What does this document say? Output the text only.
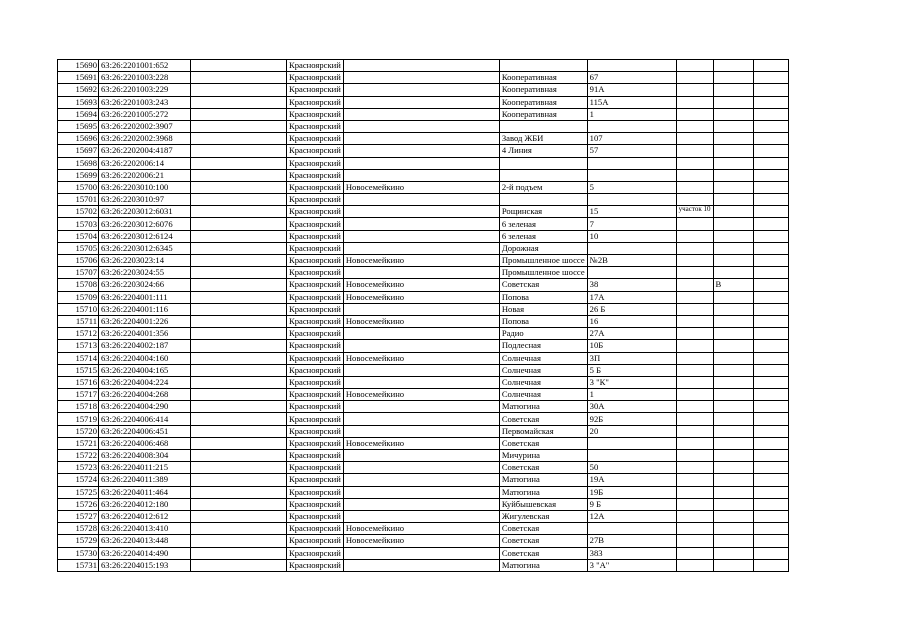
15690	63:26:2201001:652		Красноярский						
15691	63:26:2201003:228		Красноярский		Кооперативная	67			
15692	63:26:2201003:229		Красноярский		Кооперативная	91А			
15693	63:26:2201003:243		Красноярский		Кооперативная	115А			
15694	63:26:2201005:272		Красноярский		Кооперативная	1			
15695	63:26:2202002:3907		Красноярский						
15696	63:26:2202002:3968		Красноярский		Завод ЖБИ	107			
15697	63:26:2202004:4187		Красноярский		4 Линия	57			
15698	63:26:2202006:14		Красноярский						
15699	63:26:2202006:21		Красноярский						
15700	63:26:2203010:100		Красноярский	Новосемейкино	2-й подъем	5			
15701	63:26:2203010:97		Красноярский						
15702	63:26:2203012:6031		Красноярский		Рощинская	15	участок 10		
15703	63:26:2203012:6076		Красноярский		6 зеленая	7			
15704	63:26:2203012:6124		Красноярский		6 зеленая	10			
15705	63:26:2203012:6345		Красноярский		Дорожная				
15706	63:26:2203023:14		Красноярский	Новосемейкино	Промышленное шоссе	№2В			
15707	63:26:2203024:55		Красноярский		Промышленное шоссе				
15708	63:26:2203024:66		Красноярский	Новосемейкино	Советская	38		В	
15709	63:26:2204001:111		Красноярский	Новосемейкино	Попова	17А			
15710	63:26:2204001:116		Красноярский		Новая	26 Б			
15711	63:26:2204001:226		Красноярский	Новосемейкино	Попова	16			
15712	63:26:2204001:356		Красноярский		Радио	27А			
15713	63:26:2204002:187		Красноярский		Подлесная	10Б			
15714	63:26:2204004:160		Красноярский	Новосемейкино	Солнечная	3П			
15715	63:26:2204004:165		Красноярский		Солнечная	5 Б			
15716	63:26:2204004:224		Красноярский		Солнечная	3 "К"			
15717	63:26:2204004:268		Красноярский	Новосемейкино	Солнечная	1			
15718	63:26:2204004:290		Красноярский		Матюгина	30А			
15719	63:26:2204006:414		Красноярский		Советская	92Б			
15720	63:26:2204006:451		Красноярский		Первомайская	20			
15721	63:26:2204006:468		Красноярский	Новосемейкино	Советская				
15722	63:26:2204008:304		Красноярский		Мичурина				
15723	63:26:2204011:215		Красноярский		Советская	50			
15724	63:26:2204011:389		Красноярский		Матюгина	19А			
15725	63:26:2204011:464		Красноярский		Матюгина	19Б			
15726	63:26:2204012:180		Красноярский		Куйбышевская	9 Б			
15727	63:26:2204012:612		Красноярский		Жигулевская	12А			
15728	63:26:2204013:410		Красноярский	Новосемейкино	Советская				
15729	63:26:2204013:448		Красноярский	Новосемейкино	Советская	27В			
15730	63:26:2204014:490		Красноярский		Советская	383			
15731	63:26:2204015:193		Красноярский		Матюгина	3 "А"			
